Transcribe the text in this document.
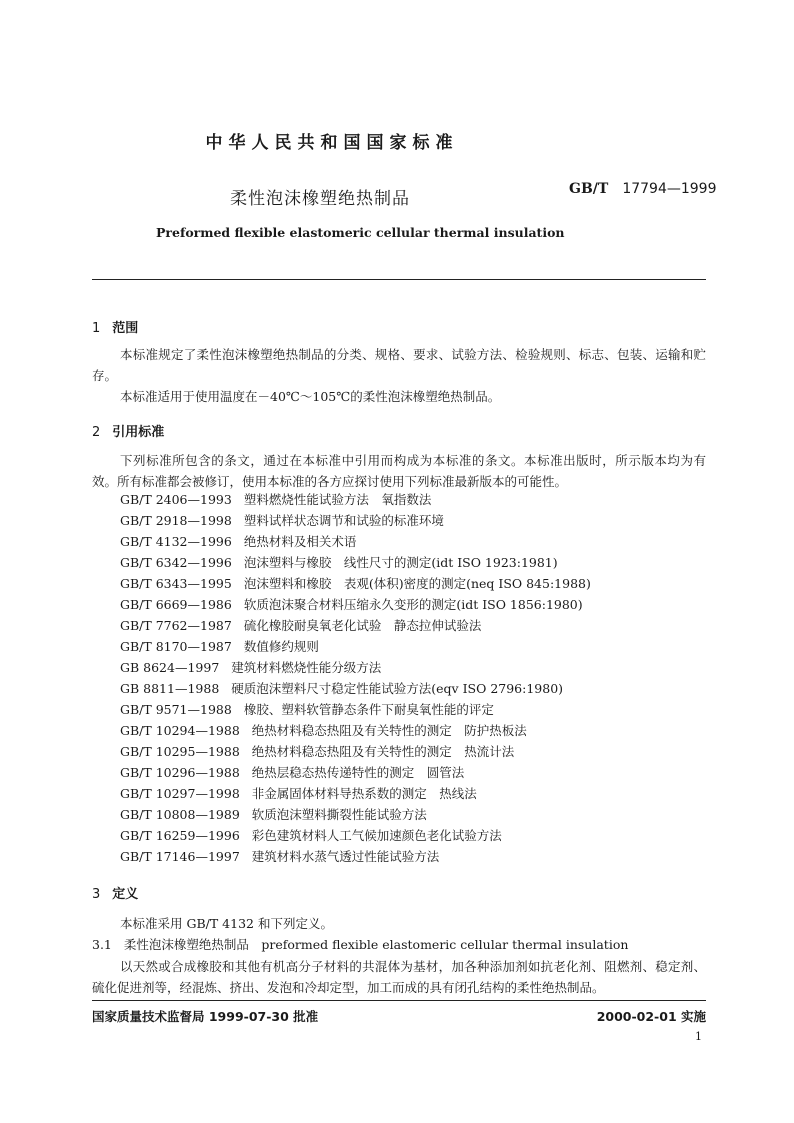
中华人民共和国国家标准
柔性泡沫橡塑绝热制品	GB/T 17794—1999
Preformed flexible elastomeric cellular thermal insulation
1 范围
本标准规定了柔性泡沫橡塑绝热制品的分类、规格、要求、试验方法、检验规则、标志、包装、运输和贮存。
本标准适用于使用温度在－40℃～105℃的柔性泡沫橡塑绝热制品。
2 引用标准
下列标准所包含的条文，通过在本标准中引用而构成为本标准的条文。本标准出版时，所示版本均为有效。所有标准都会被修订，使用本标准的各方应探讨使用下列标准最新版本的可能性。
GB/T 2406—1993 塑料燃烧性能试验方法　氧指数法
GB/T 2918—1998 塑料试样状态调节和试验的标准环境
GB/T 4132—1996 绝热材料及相关术语
GB/T 6342—1996 泡沫塑料与橡胶　线性尺寸的测定(idt ISO 1923:1981)
GB/T 6343—1995 泡沫塑料和橡胶　表观(体积)密度的测定(neq ISO 845:1988)
GB/T 6669—1986 软质泡沫聚合材料压缩永久变形的测定(idt ISO 1856:1980)
GB/T 7762—1987 硫化橡胶耐臭氧老化试验　静态拉伸试验法
GB/T 8170—1987 数值修约规则
GB 8624—1997 建筑材料燃烧性能分级方法
GB 8811—1988 硬质泡沫塑料尺寸稳定性能试验方法(eqv ISO 2796:1980)
GB/T 9571—1988 橡胶、塑料软管静态条件下耐臭氧性能的评定
GB/T 10294—1988 绝热材料稳态热阻及有关特性的测定　防护热板法
GB/T 10295—1988 绝热材料稳态热阻及有关特性的测定　热流计法
GB/T 10296—1988 绝热层稳态热传递特性的测定　圆管法
GB/T 10297—1998 非金属固体材料导热系数的测定　热线法
GB/T 10808—1989 软质泡沫塑料撕裂性能试验方法
GB/T 16259—1996 彩色建筑材料人工气候加速颜色老化试验方法
GB/T 17146—1997 建筑材料水蒸气透过性能试验方法
3 定义
本标准采用 GB/T 4132 和下列定义。
3.1 柔性泡沫橡塑绝热制品　preformed flexible elastomeric cellular thermal insulation
以天然或合成橡胶和其他有机高分子材料的共混体为基材，加各种添加剂如抗老化剂、阻燃剂、稳定剂、硫化促进剂等，经混炼、挤出、发泡和冷却定型，加工而成的具有闭孔结构的柔性绝热制品。
国家质量技术监督局 1999-07-30 批准	2000-02-01 实施
1
